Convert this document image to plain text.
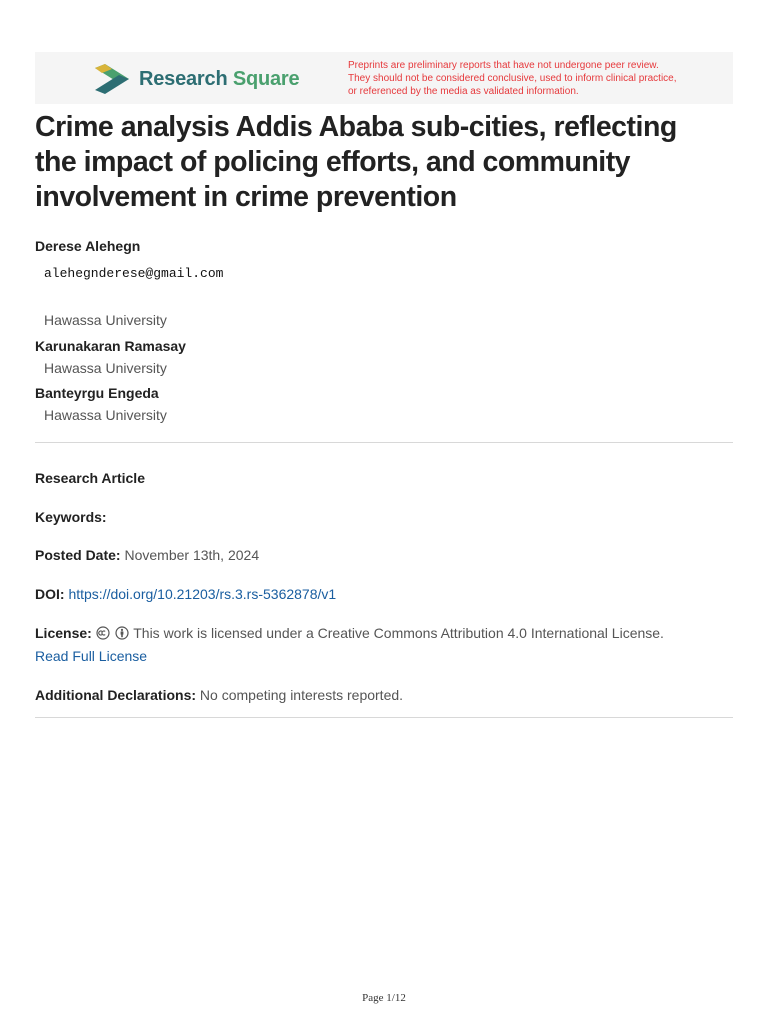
Research Square
Preprints are preliminary reports that have not undergone peer review.
They should not be considered conclusive, used to inform clinical practice,
or referenced by the media as validated information.
Crime analysis Addis Ababa sub-cities, reflecting
the impact of policing efforts, and community
involvement in crime prevention
Derese Alehegn
alehegnderese@gmail.com
Hawassa University
Karunakaran Ramasay
Hawassa University
Banteyrgu Engeda
Hawassa University
Research Article
Keywords:
Posted Date: November 13th, 2024
DOI: https://doi.org/10.21203/rs.3.rs-5362878/v1
License:	This work is licensed under a Creative Commons Attribution 4.0 International License.
Read Full License
Additional Declarations: No competing interests reported.
Page 1/12
